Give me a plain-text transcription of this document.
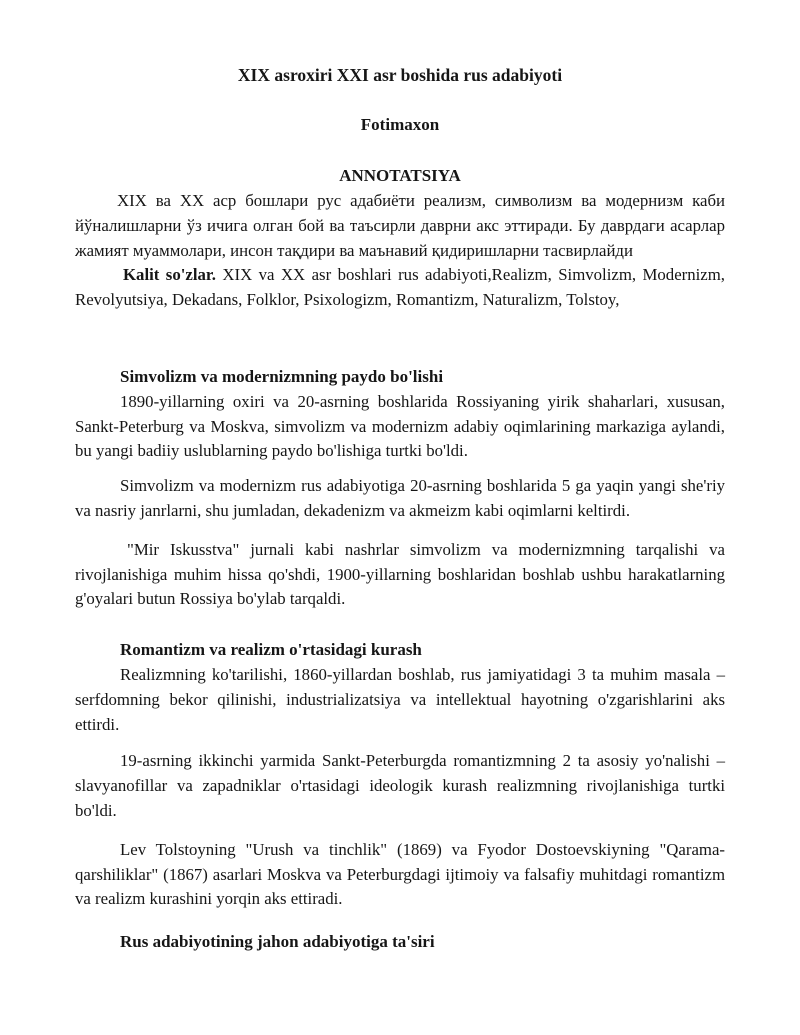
XIX asroxiri XXI asr boshida rus adabiyoti

Fotimaxon

ANNOTATSIYA

XIX ва XX аср бошлари рус адабиёти реализм, символизм ва модернизм каби йўналишларни ўз ичига олган бой ва таъсирли даврни акс эттиради. Бу даврдаги асарлар жамият муаммолари, инсон тақдири ва маънавий қидиришларни тасвирлайди

Kalit so'zlar. XIX va XX asr boshlari rus adabiyoti,Realizm, Simvolizm, Modernizm, Revolyutsiya, Dekadans, Folklor, Psixologizm, Romantizm, Naturalizm, Tolstoy,

Simvolizm va modernizmning paydo bo'lishi

1890-yillarning oxiri va 20-asrning boshlarida Rossiyaning yirik shaharlari, xususan, Sankt-Peterburg va Moskva, simvolizm va modernizm adabiy oqimlarining markaziga aylandi, bu yangi badiiy uslublarning paydo bo'lishiga turtki bo'ldi.

Simvolizm va modernizm rus adabiyotiga 20-asrning boshlarida 5 ga yaqin yangi she'riy va nasriy janrlarni, shu jumladan, dekadenizm va akmeizm kabi oqimlarni keltirdi.

"Mir Iskusstva" jurnali kabi nashrlar simvolizm va modernizmning tarqalishi va rivojlanishiga muhim hissa qo'shdi, 1900-yillarning boshlaridan boshlab ushbu harakatlarning g'oyalari butun Rossiya bo'ylab tarqaldi.

Romantizm va realizm o'rtasidagi kurash

Realizmning ko'tarilishi, 1860-yillardan boshlab, rus jamiyatidagi 3 ta muhim masala – serfdomning bekor qilinishi, industrializatsiya va intellektual hayotning o'zgarishlarini aks ettirdi.

19-asrning ikkinchi yarmida Sankt-Peterburgda romantizmning 2 ta asosiy yo'nalishi – slavyanofillar va zapadniklar o'rtasidagi ideologik kurash realizmning rivojlanishiga turtki bo'ldi.

Lev Tolstoyning "Urush va tinchlik" (1869) va Fyodor Dostoevskiyning "Qarama-qarshiliklar" (1867) asarlari Moskva va Peterburgdagi ijtimoiy va falsafiy muhitdagi romantizm va realizm kurashini yorqin aks ettiradi.

Rus adabiyotining jahon adabiyotiga ta'siri
